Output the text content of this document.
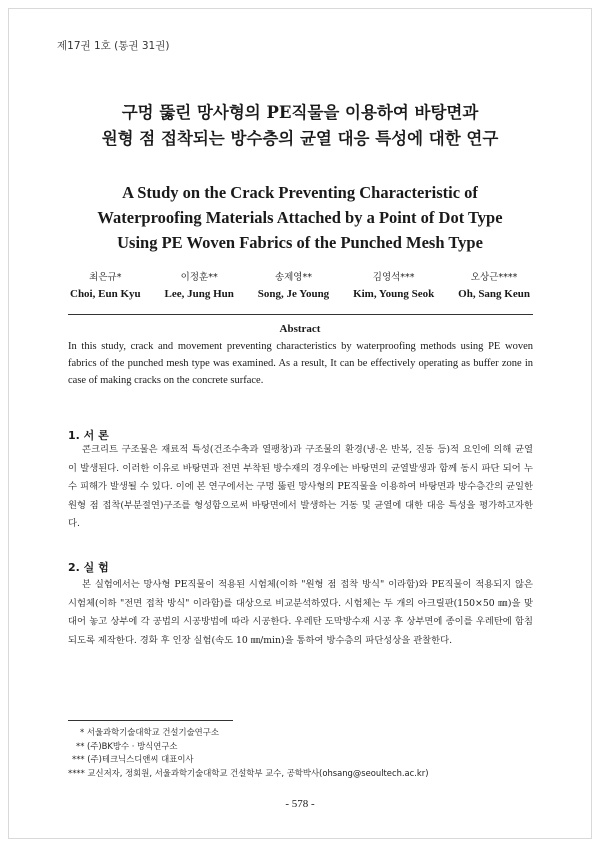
제17권 1호 (통권 31권)
구멍 뚫린 망사형의 PE직물을 이용하여 바탕면과
원형 점 접착되는 방수층의 균열 대응 특성에 대한 연구
A Study on the Crack Preventing Characteristic of
Waterproofing Materials Attached by a Point of Dot Type
Using PE Woven Fabrics of the Punched Mesh Type
최은규*
Choi, Eun Kyu
이정훈**
Lee, Jung Hun
송제영**
Song, Je Young
김영석***
Kim, Young Seok
오상근****
Oh, Sang Keun
Abstract
In this study, crack and movement preventing characteristics by waterproofing methods using PE woven fabrics of the punched mesh type was examined. As a result, It can be effectively operating as buffer zone in case of making cracks on the concrete surface.
1. 서 론
콘크리트 구조물은 재료적 특성(건조수축과 열팽창)과 구조물의 환경(냉·온 반복, 진동 등)적 요인에 의해 균열이 발생된다. 이러한 이유로 바탕면과 전면 부착된 방수재의 경우에는 바탕면의 균열발생과 함께 동시 파단 되어 누수 피해가 발생될 수 있다. 이에 본 연구에서는 구멍 뚫린 망사형의 PE직물을 이용하여 바탕면과 방수층간의 균일한 원형 점 접착(부분절연)구조를 형성함으로써 바탕면에서 발생하는 거동 및 균열에 대한 대응 특성을 평가하고자한다.
2. 실 험
본 실험에서는 망사형 PE직물이 적용된 시험체(이하 "원형 점 접착 방식" 이라함)와 PE직물이 적용되지 않은 시험체(이하 "전면 접착 방식" 이라함)를 대상으로 비교분석하였다. 시험체는 두 개의 아크릴판(150×50 ㎜)을 맞대어 놓고 상부에 각 공법의 시공방법에 따라 시공한다. 우레탄 도막방수재 시공 후 상부면에 종이를 우레탄에 함침 되도록 제작한다. 경화 후 인장 실험(속도 10 ㎜/min)을 통하여 방수층의 파단성상을 관찰한다.
* 서울과학기술대학교 건설기술연구소
** (주)BK방수 · 방식연구소
*** (주)테크닉스디앤씨 대표이사
**** 교신저자, 정회원, 서울과학기술대학교 건설학부 교수, 공학박사(ohsang@seoultech.ac.kr)
- 578 -
